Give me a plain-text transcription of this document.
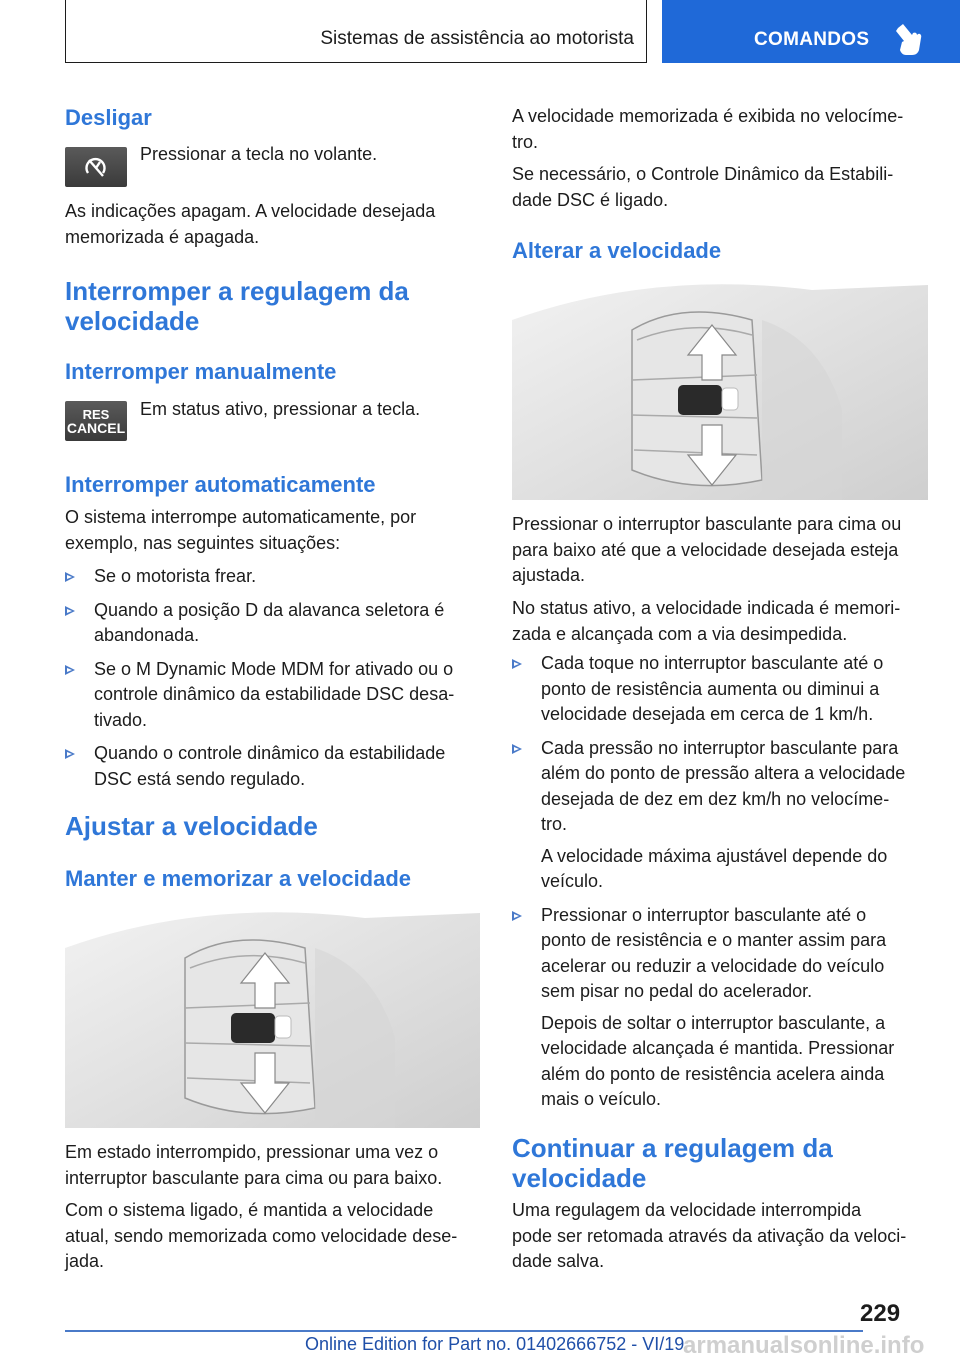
Sistemas de assistência ao motorista	COMANDOS
Desligar

Pressionar a tecla no volante.

As indicações apagam. A velocidade desejada
memorizada é apagada.

Interromper a regulagem da
velocidade
Interromper manualmente
RES
CANCEL

Em status ativo, pressionar a tecla.

Interromper automaticamente

O sistema interrompe automaticamente, por
exemplo, nas seguintes situações:

Se o motorista frear.
Quando a posição D da alavanca seletora é
abandonada.
Se o M Dynamic Mode MDM for ativado ou o
controle dinâmico da estabilidade DSC desa-
tivado.
Quando o controle dinâmico da estabilidade
DSC está sendo regulado.
Ajustar a velocidade
Manter e memorizar a velocidade

Em estado interrompido, pressionar uma vez o
interruptor basculante para cima ou para baixo.

Com o sistema ligado, é mantida a velocidade
atual, sendo memorizada como velocidade dese-
jada.

A velocidade memorizada é exibida no velocíme-
tro.

Se necessário, o Controle Dinâmico da Estabili-
dade DSC é ligado.

Alterar a velocidade

Pressionar o interruptor basculante para cima ou
para baixo até que a velocidade desejada esteja
ajustada.

No status ativo, a velocidade indicada é memori-
zada e alcançada com a via desimpedida.

Cada toque no interruptor basculante até o
ponto de resistência aumenta ou diminui a
velocidade desejada em cerca de 1 km/h.
Cada pressão no interruptor basculante para
além do ponto de pressão altera a velocidade
desejada de dez em dez km/h no velocíme-
tro.
A velocidade máxima ajustável depende do
veículo.
Pressionar o interruptor basculante até o
ponto de resistência e o manter assim para
acelerar ou reduzir a velocidade do veículo
sem pisar no pedal do acelerador.
Depois de soltar o interruptor basculante, a
velocidade alcançada é mantida. Pressionar
além do ponto de resistência acelera ainda
mais o veículo.
Continuar a regulagem da
velocidade

Uma regulagem da velocidade interrompida
pode ser retomada através da ativação da veloci-
dade salva.

229
Online Edition for Part no. 01402666752 - VI/19
armanualsonline.info
